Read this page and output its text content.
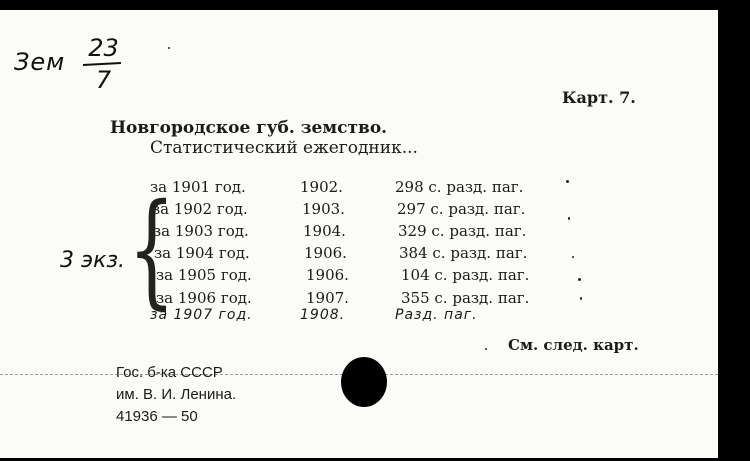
Зем 23
7
Карт. 7.
Новгородское губ. земство.
Статистический ежегодник...
3 экз. {
за 1901 год.	1902.	298 с. разд. паг.
за 1902 год.	1903.	297 с. разд. паг.
за 1903 год.	1904.	329 с. разд. паг.
за 1904 год.	1906.	384 с. разд. паг.
за 1905 год.	1906.	104 с. разд. паг.
за 1906 год.	1907.	355 с. разд. паг.
за 1907 год.	1908.	Разд. паг.
См. след. карт.
Гос. б-ка СССР
им. В. И. Ленина.
41936 — 50
